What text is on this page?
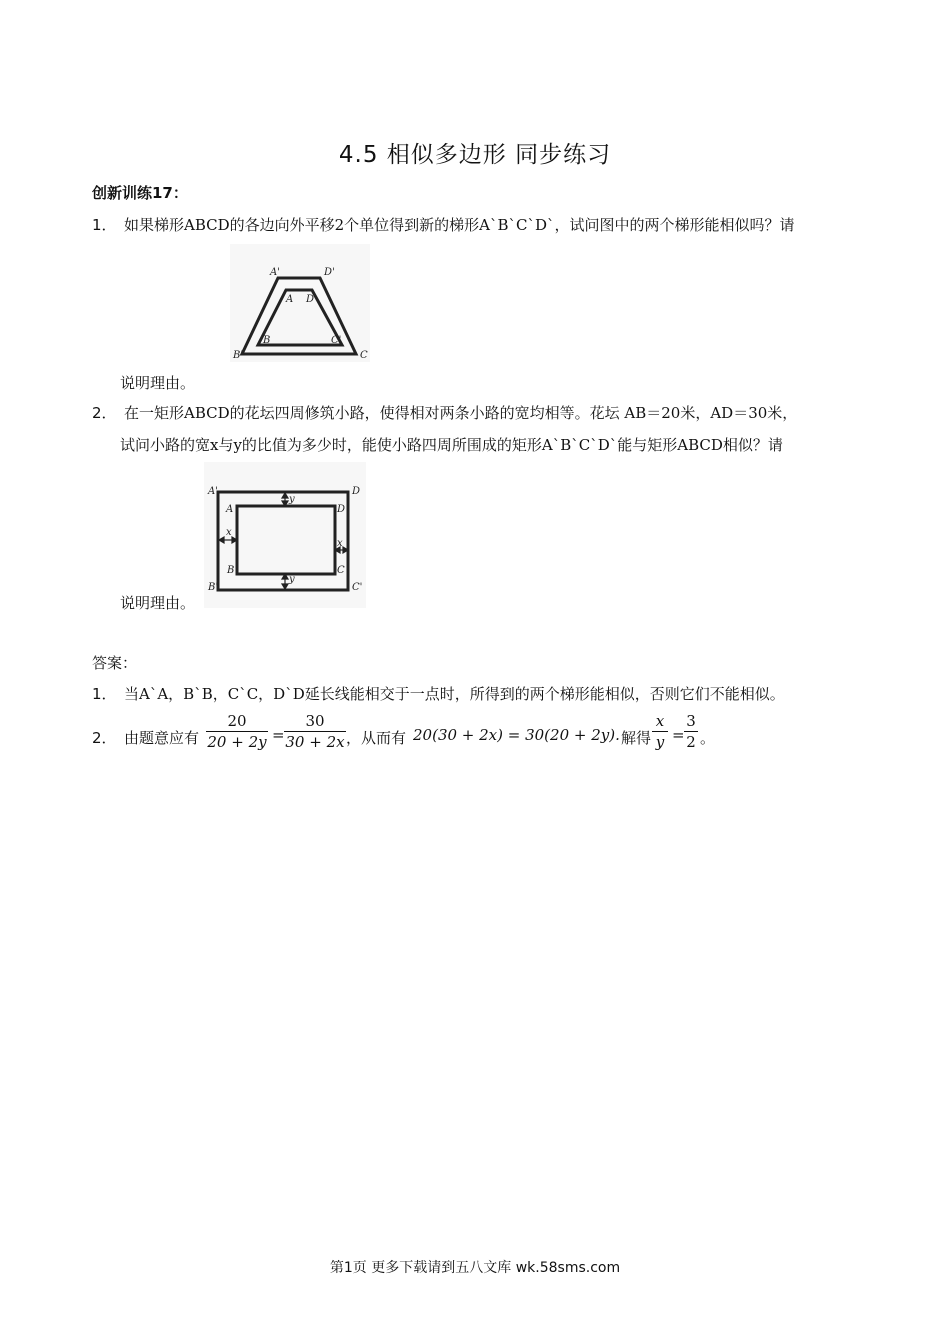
4.5 相似多边形 同步练习
创新训练17：
1． 如果梯形ABCD的各边向外平移2个单位得到新的梯形A`B`C`D`，试问图中的两个梯形能相似吗？请
A'	D'
A D
B	C'
B'	C
说明理由。
2． 在一矩形ABCD的花坛四周修筑小路，使得相对两条小路的宽均相等。花坛 AB＝20米，AD＝30米，
试问小路的宽x与y的比值为多少时，能使小路四周所围成的矩形A`B`C`D`能与矩形ABCD相似？请
A'	D
A	D
B	C
B'	C'
y
y
x
x
说明理由。
答案：
1． 当A`A，B`B，C`C，D`D延长线能相交于一点时，所得到的两个梯形能相似，否则它们不能相似。
2． 由题意应有
20
20 + 2y =
30
30 + 2x ，从而有 20(30 + 2x) = 30(20 + 2y). 解得
x
y =
3
2 。
第1页 更多下载请到五八文库 wk.58sms.com
